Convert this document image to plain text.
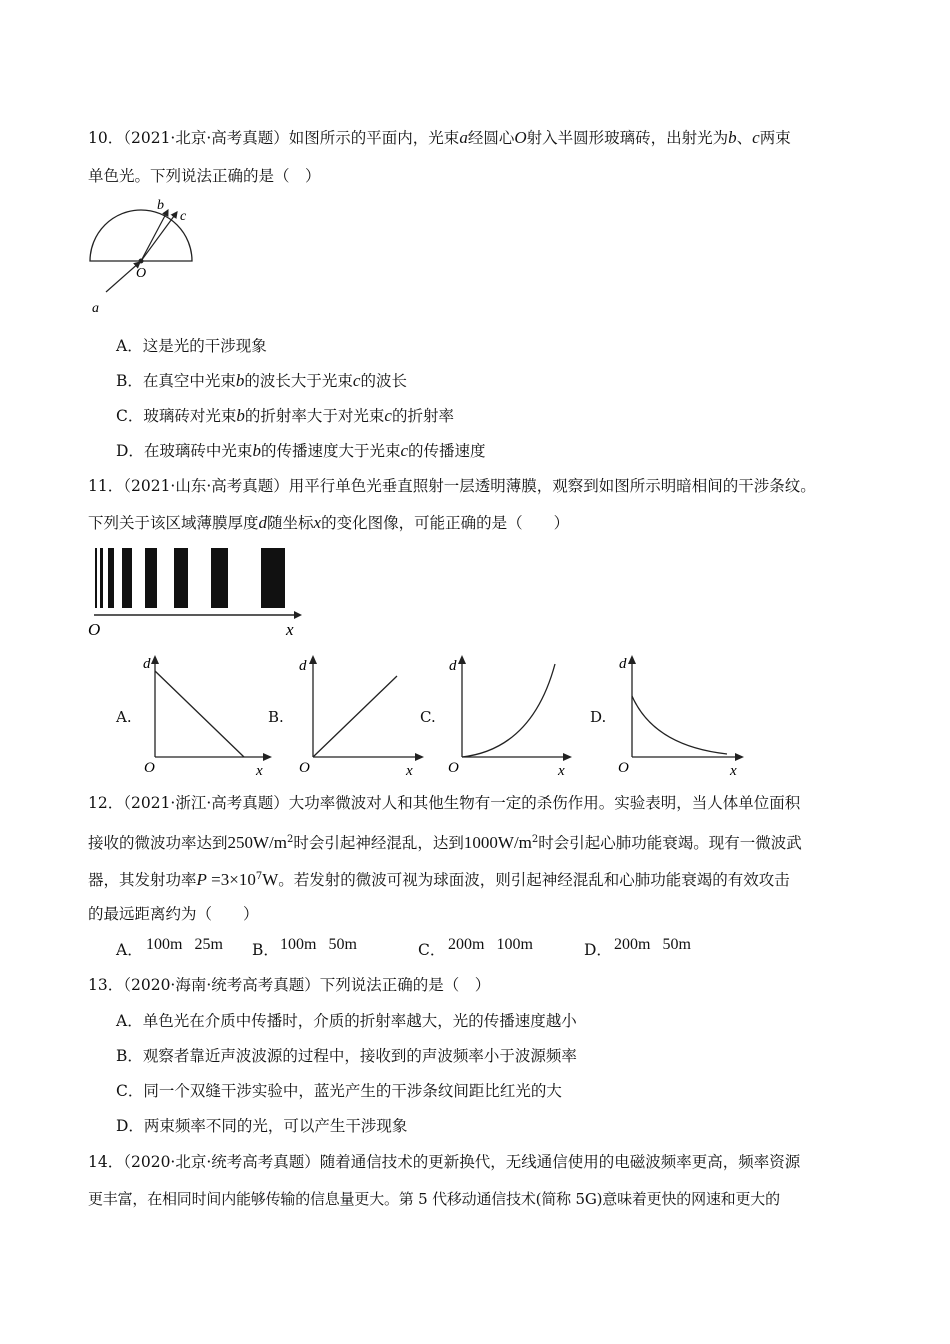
10．（2021·北京·高考真题）如图所示的平面内，光束a经圆心O射入半圆形玻璃砖，出射光为b、c两束
单色光。下列说法正确的是（　）
b
c
O
a
A．这是光的干涉现象
B．在真空中光束b的波长大于光束c的波长
C．玻璃砖对光束b的折射率大于对光束c的折射率
D．在玻璃砖中光束b的传播速度大于光束c的传播速度
11．（2021·山东·高考真题）用平行单色光垂直照射一层透明薄膜，观察到如图所示明暗相间的干涉条纹。
下列关于该区域薄膜厚度d随坐标x的变化图像，可能正确的是（　　）
O	x
A.
d
O	x
B.
d
O	x
C.
d
O	x
D.
d
O	x
12．（2021·浙江·高考真题）大功率微波对人和其他生物有一定的杀伤作用。实验表明，当人体单位面积
接收的微波功率达到$250W/m^2$时会引起神经混乱，达到$1000W/m^2$时会引起心肺功能衰竭。现有一微波武
器，其发射功率$P =3\times 10^7W$。若发射的微波可视为球面波，则引起神经混乱和心肺功能衰竭的有效攻击
的最远距离约为（　　）
A． 100m 25m B． 100m 50m	C． 200m 100m	D． 200m 50m
13．（2020·海南·统考高考真题）下列说法正确的是（　）
A．单色光在介质中传播时，介质的折射率越大，光的传播速度越小
B．观察者靠近声波波源的过程中，接收到的声波频率小于波源频率
C．同一个双缝干涉实验中，蓝光产生的干涉条纹间距比红光的大
D．两束频率不同的光，可以产生干涉现象
14．（2020·北京·统考高考真题）随着通信技术的更新换代，无线通信使用的电磁波频率更高，频率资源
更丰富，在相同时间内能够传输的信息量更大。第 5 代移动通信技术(简称 5G)意味着更快的网速和更大的
